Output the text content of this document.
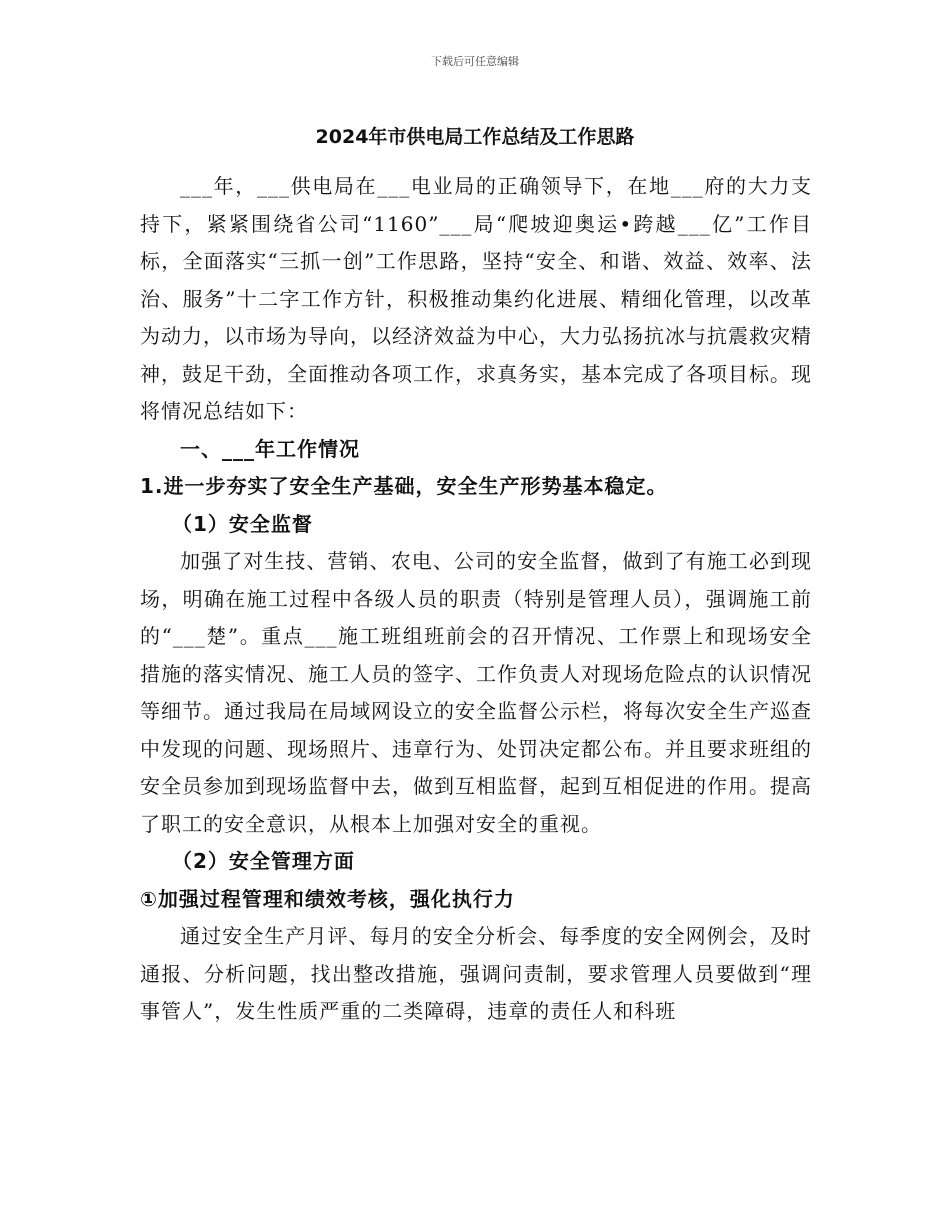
下载后可任意编辑
2024年市供电局工作总结及工作思路

___年，___供电局在___电业局的正确领导下，在地___府的大力支持下，紧紧围绕省公司“1160”___局“爬坡迎奥运•跨越___亿”工作目标，全面落实“三抓一创”工作思路，坚持“安全、和谐、效益、效率、法治、服务”十二字工作方针，积极推动集约化进展、精细化管理，以改革为动力，以市场为导向，以经济效益为中心，大力弘扬抗冰与抗震救灾精神，鼓足干劲，全面推动各项工作，求真务实，基本完成了各项目标。现将情况总结如下：

一、___年工作情况

1.进一步夯实了安全生产基础，安全生产形势基本稳定。

（1）安全监督

加强了对生技、营销、农电、公司的安全监督，做到了有施工必到现场，明确在施工过程中各级人员的职责（特别是管理人员），强调施工前的“___楚”。重点___施工班组班前会的召开情况、工作票上和现场安全措施的落实情况、施工人员的签字、工作负责人对现场危险点的认识情况等细节。通过我局在局域网设立的安全监督公示栏，将每次安全生产巡查中发现的问题、现场照片、违章行为、处罚决定都公布。并且要求班组的安全员参加到现场监督中去，做到互相监督，起到互相促进的作用。提高了职工的安全意识，从根本上加强对安全的重视。

（2）安全管理方面

①加强过程管理和绩效考核，强化执行力

通过安全生产月评、每月的安全分析会、每季度的安全网例会，及时通报、分析问题，找出整改措施，强调问责制，要求管理人员要做到“理事管人”，发生性质严重的二类障碍，违章的责任人和科班
